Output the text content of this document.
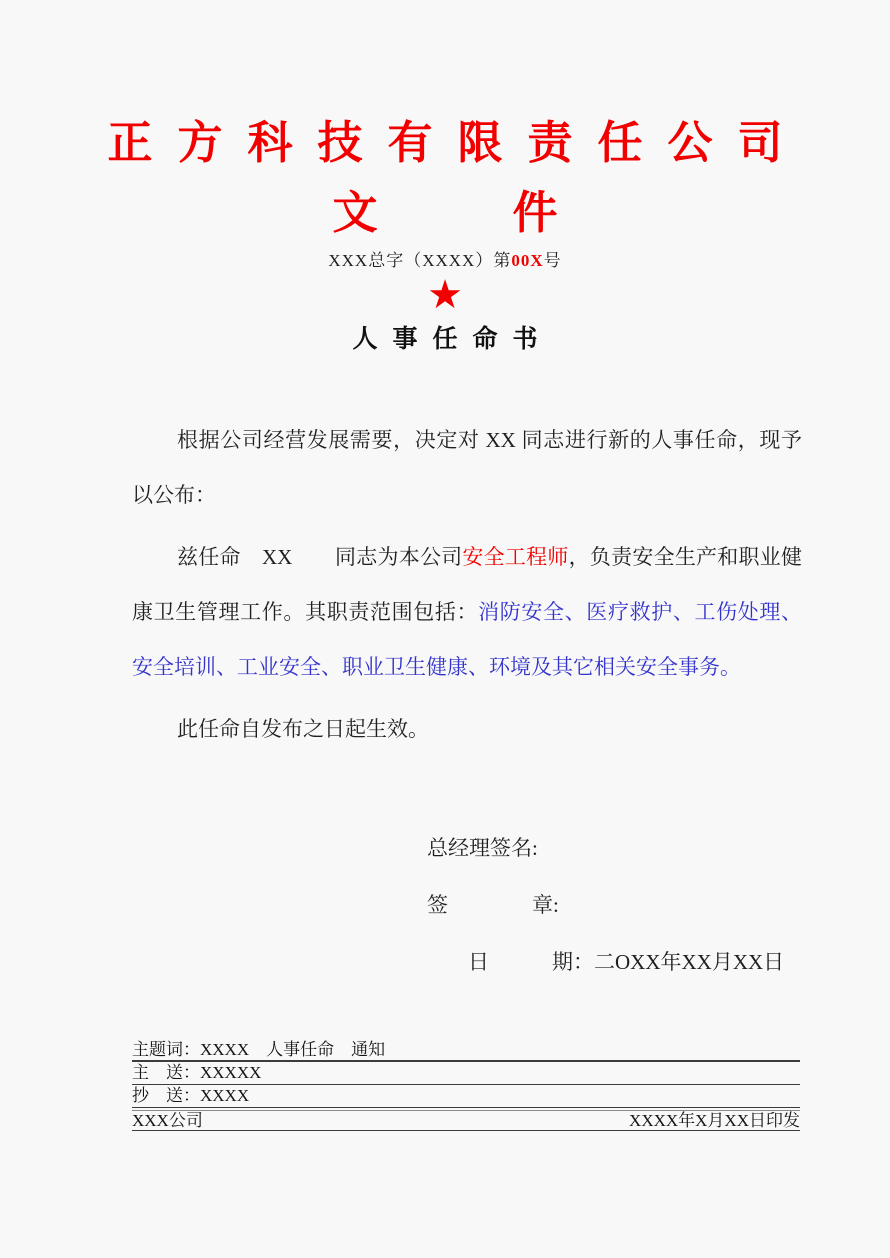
正方科技有限责任公司
文　　　件
XXX总字（XXXX）第00X号
★
人事任命书

根据公司经营发展需要，决定对 XX 同志进行新的人事任命，现予以公布：

兹任命　XX　　同志为本公司安全工程师，负责安全生产和职业健康卫生管理工作。其职责范围包括：消防安全、医疗救护、工伤处理、安全培训、工业安全、职业卫生健康、环境及其它相关安全事务。

此任命自发布之日起生效。

总经理签名:
签　　　　章:
日　　　期：二OXX年XX月XX日
主题词：XXXX　人事任命　通知
主　送：XXXXX
抄　送：XXXX
XXX公司	XXXX年X月XX日印发
